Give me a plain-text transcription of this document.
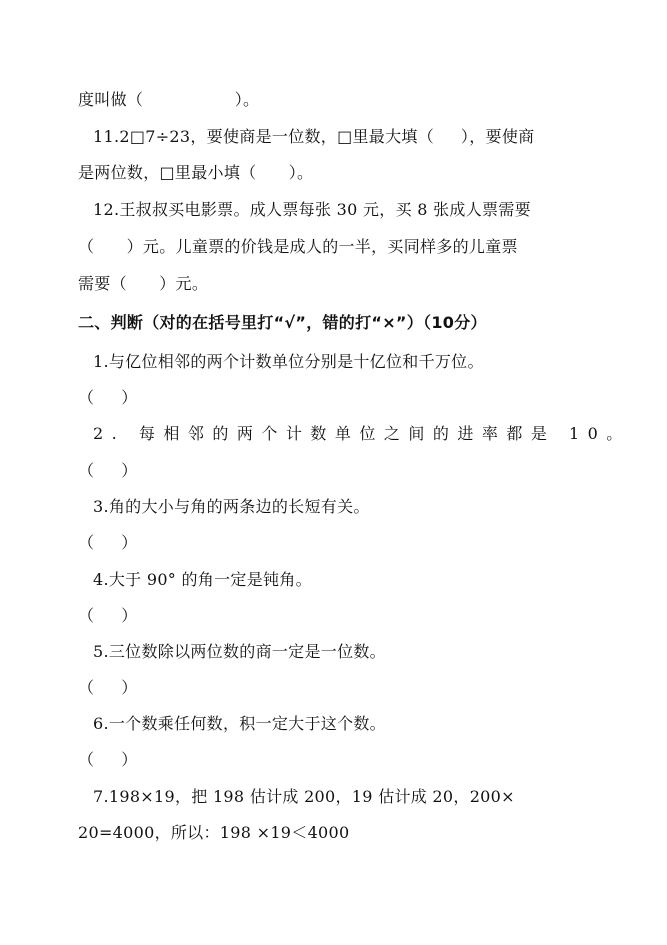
度叫做（                 ）。
11.2□7÷23，要使商是一位数，□里最大填（     ），要使商
是两位数，□里最小填（      ）。
12.王叔叔买电影票。成人票每张 30 元，买 8 张成人票需要
（      ）元。儿童票的价钱是成人的一半，买同样多的儿童票
需要（      ）元。
二、判断（对的在括号里打“√”，错的打“×”）（10分）
1.与亿位相邻的两个计数单位分别是十亿位和千万位。
（     ）
2. 每相邻的两个计数单位之间的进率都是 10。
（     ）
3.角的大小与角的两条边的长短有关。
（     ）
4.大于 90° 的角一定是钝角。
（     ）
5.三位数除以两位数的商一定是一位数。
（     ）
6.一个数乘任何数，积一定大于这个数。
（     ）
7.198×19，把 198 估计成 200，19 估计成 20，200×
20=4000，所以：198 ×19＜4000
